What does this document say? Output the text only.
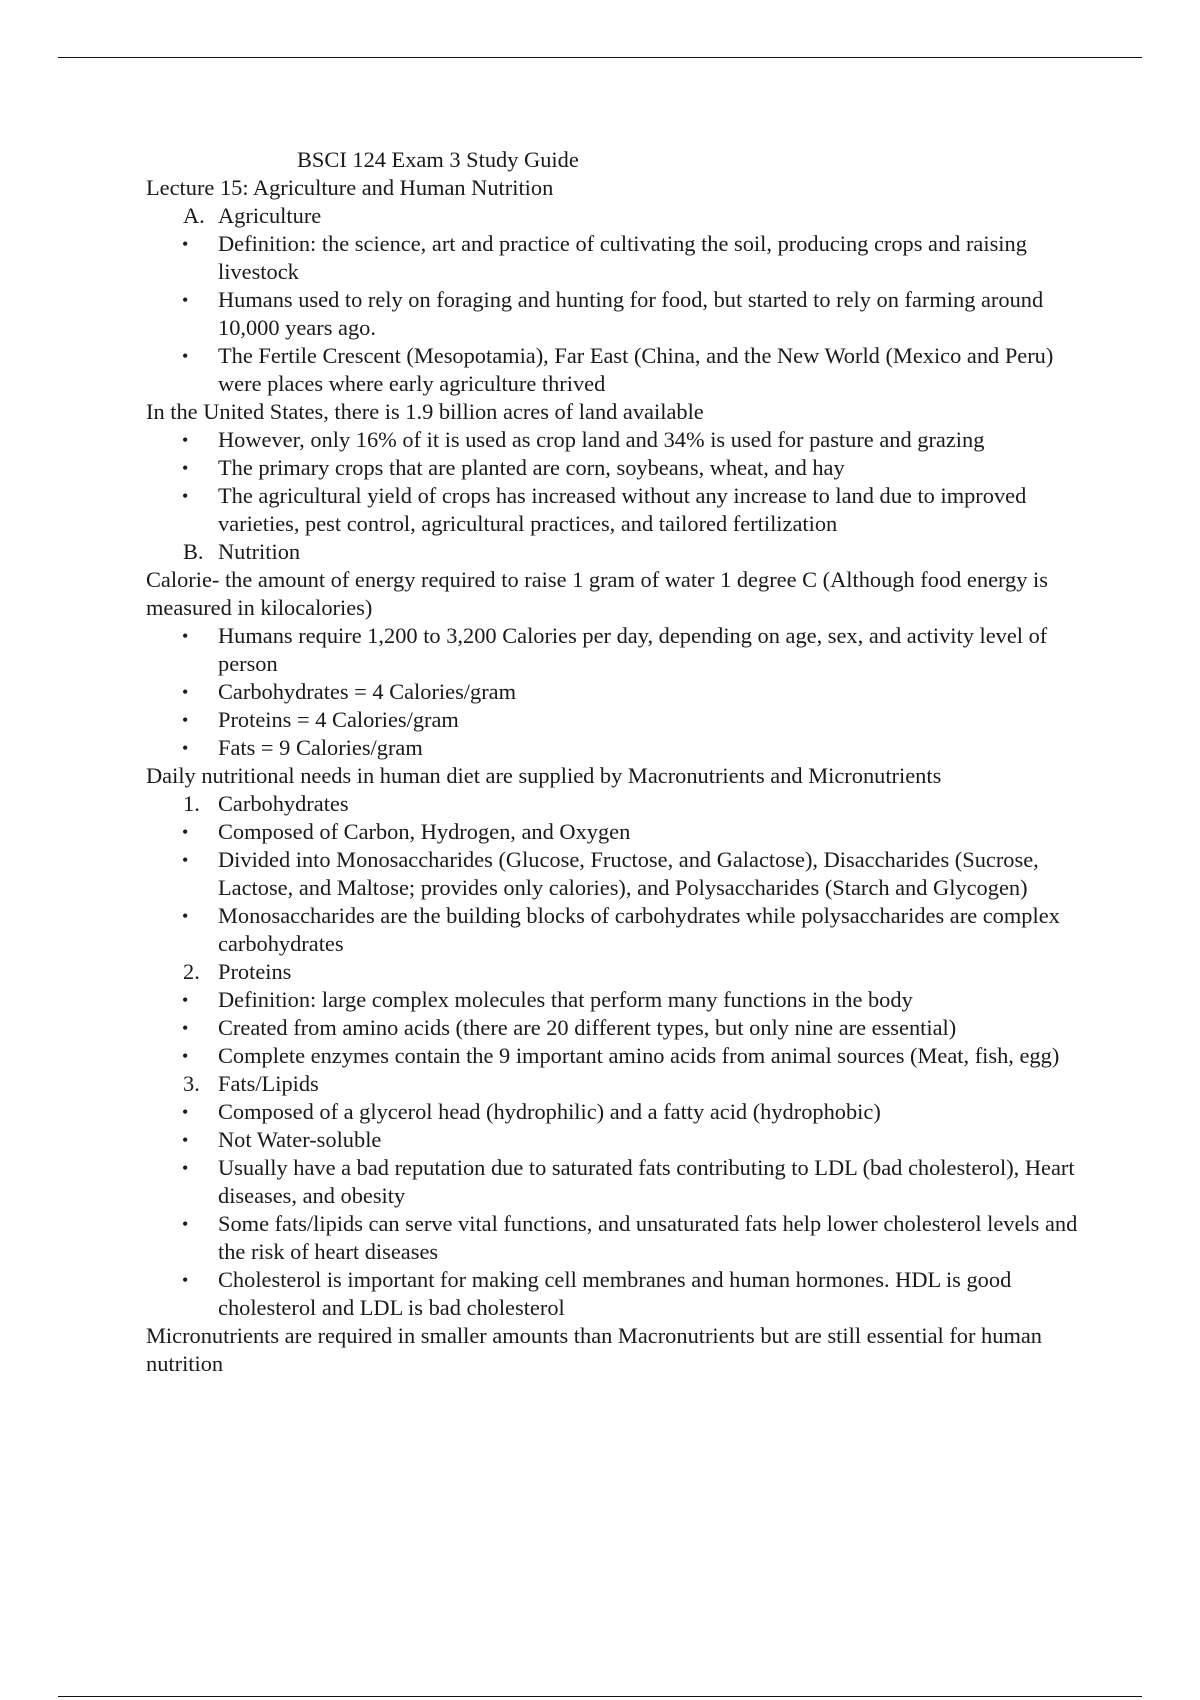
BSCI 124 Exam 3 Study Guide

Lecture 15: Agriculture and Human Nutrition

A. Agriculture
• Definition: the science, art and practice of cultivating the soil, producing crops and raising livestock
• Humans used to rely on foraging and hunting for food, but started to rely on farming around 10,000 years ago.
• The Fertile Crescent (Mesopotamia), Far East (China, and the New World (Mexico and Peru) were places where early agriculture thrived

In the United States, there is 1.9 billion acres of land available

• However, only 16% of it is used as crop land and 34% is used for pasture and grazing
• The primary crops that are planted are corn, soybeans, wheat, and hay
• The agricultural yield of crops has increased without any increase to land due to improved varieties, pest control, agricultural practices, and tailored fertilization
B. Nutrition

Calorie- the amount of energy required to raise 1 gram of water 1 degree C (Although food energy is measured in kilocalories)

• Humans require 1,200 to 3,200 Calories per day, depending on age, sex, and activity level of person
• Carbohydrates = 4 Calories/gram
• Proteins = 4 Calories/gram
• Fats = 9 Calories/gram

Daily nutritional needs in human diet are supplied by Macronutrients and Micronutrients

1. Carbohydrates
• Composed of Carbon, Hydrogen, and Oxygen
• Divided into Monosaccharides (Glucose, Fructose, and Galactose), Disaccharides (Sucrose, Lactose, and Maltose; provides only calories), and Polysaccharides (Starch and Glycogen)
• Monosaccharides are the building blocks of carbohydrates while polysaccharides are complex carbohydrates
2. Proteins
• Definition: large complex molecules that perform many functions in the body
• Created from amino acids (there are 20 different types, but only nine are essential)
• Complete enzymes contain the 9 important amino acids from animal sources (Meat, fish, egg)
3. Fats/Lipids
• Composed of a glycerol head (hydrophilic) and a fatty acid (hydrophobic)
• Not Water-soluble
• Usually have a bad reputation due to saturated fats contributing to LDL (bad cholesterol), Heart diseases, and obesity
• Some fats/lipids can serve vital functions, and unsaturated fats help lower cholesterol levels and the risk of heart diseases
• Cholesterol is important for making cell membranes and human hormones. HDL is good cholesterol and LDL is bad cholesterol

Micronutrients are required in smaller amounts than Macronutrients but are still essential for human nutrition
